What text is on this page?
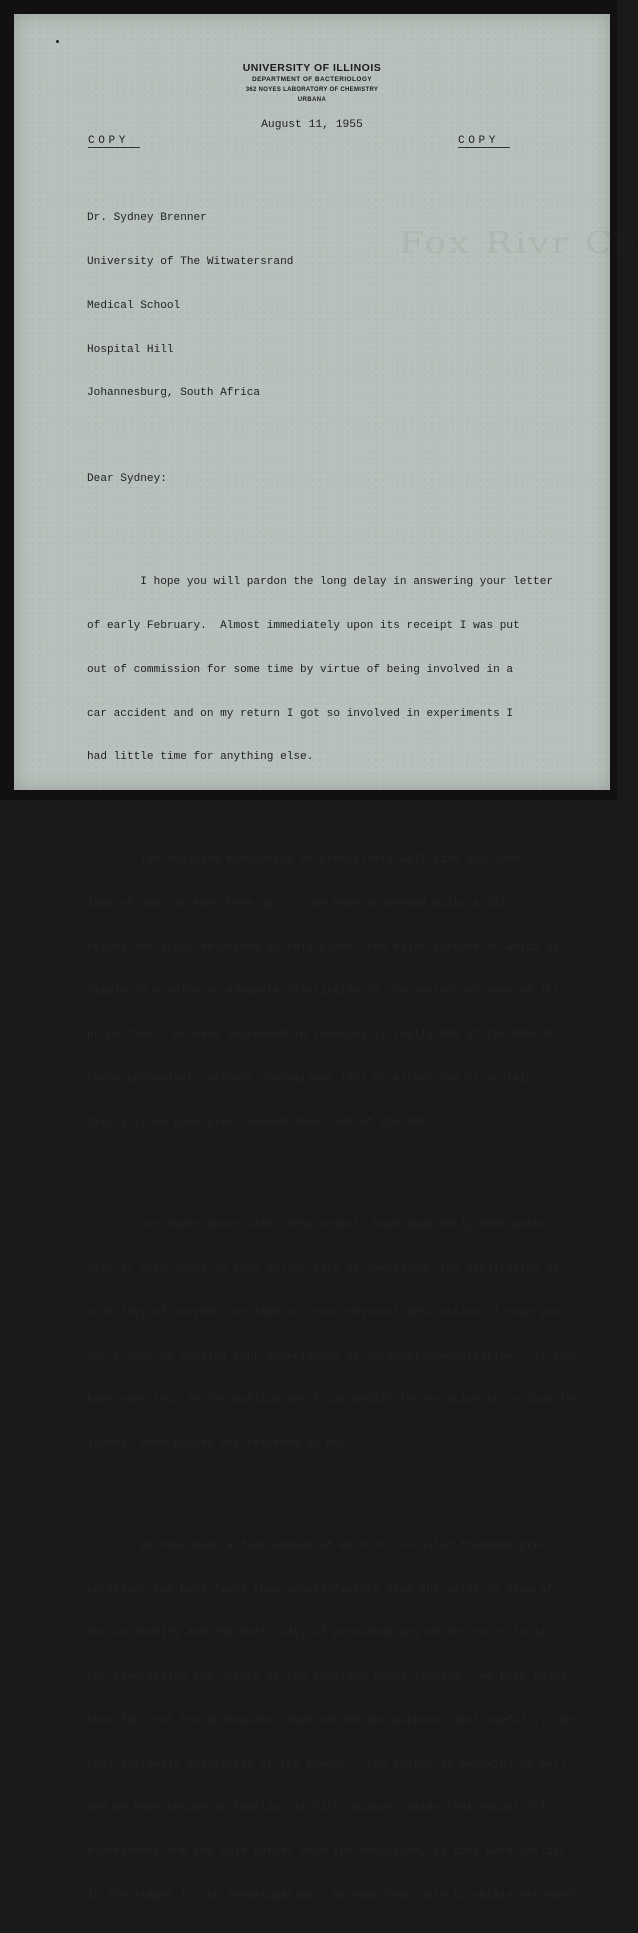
Fox Rivr Ce
UNIVERSITY OF ILLINOIS
DEPARTMENT OF BACTERIOLOGY
362 NOYES LABORATORY OF CHEMISTRY
URBANA
August 11, 1955
COPY	COPY

Dr. Sydney Brenner

University of The Witwatersrand

Medical School

Hospital Hill

Johannesburg, South Africa

Dear Sydney:

I hope you will pardon the long delay in answering your letter

of early February.  Almost immediately upon its receipt I was put

out of commission for some time by virtue of being involved in a

car accident and on my return I got so involved in experiments I

had little time for anything else.

The enclosed manuscript on protoplasts will give you some

idea of what we have been up to.  We have proceeded quite a bit

beyond the stage described in this paper, the major purpose of which is

simple to provide an adequate discription of the system and some of its

properties.  We have succeeded in removing virtually 90% of the RNA of

these protoplasts without concomitant loss of either DNA or protein.

Similarly we have also removed about 50% of the DNA.

Our experiences with these objects have apparently been quite

similar with yours in that unless care is exercised, the application of

a variety of enzymes can lead to their physical destruction. I hope you

don't mind my quoting your experiences as personal communication.  If you

have sent this in for publication I can modify the notation to include the

journal when proofs are returned to me.

We have done a fair amount of work on so-called fragment pre-

parations but have found them unsatisfactory from the point of view of

non-uniformity and the difficulty of providing any objective criteria

for identifying the nature of the fraction being studied.  We have found

thus far that the protoplasts have served our purposes most usefully.  We

feel extremely optimistic at the moment.  The system is behaving so well

and we have become so familiar withits idiosyncrasies that successful

experiments are the rule rather than the exception, as they were earlier

in the stages in the investigation.  We have been able to obtain extremely
